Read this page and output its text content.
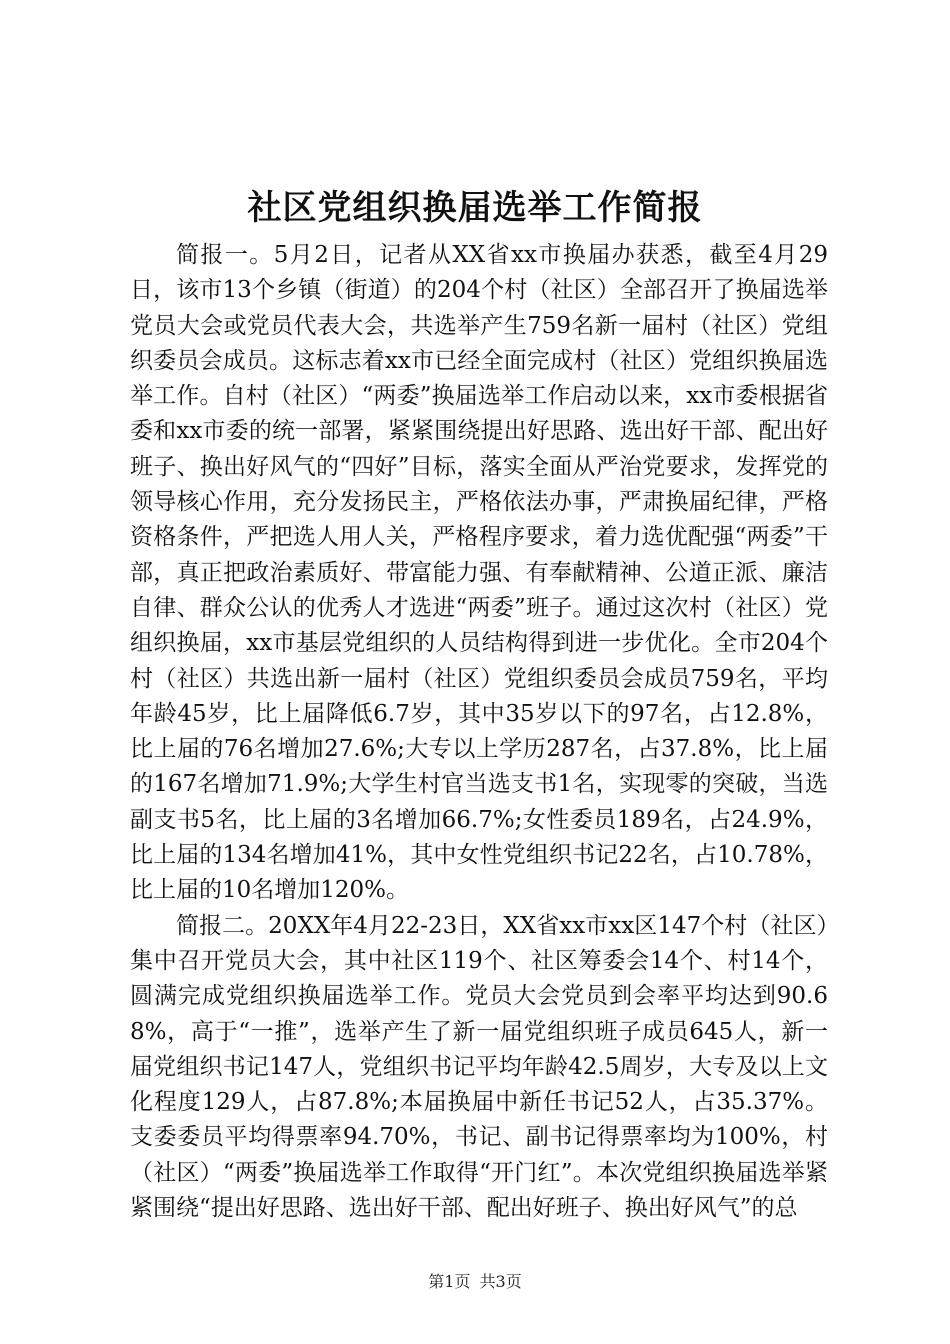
社区党组织换届选举工作简报

简报一。5月2日，记者从XX省xx市换届办获悉，截至4月29日，该市13个乡镇（街道）的204个村（社区）全部召开了换届选举党员大会或党员代表大会，共选举产生759名新一届村（社区）党组织委员会成员。这标志着xx市已经全面完成村（社区）党组织换届选举工作。自村（社区）“两委”换届选举工作启动以来，xx市委根据省委和xx市委的统一部署，紧紧围绕提出好思路、选出好干部、配出好班子、换出好风气的“四好”目标，落实全面从严治党要求，发挥党的领导核心作用，充分发扬民主，严格依法办事，严肃换届纪律，严格资格条件，严把选人用人关，严格程序要求，着力选优配强“两委”干部，真正把政治素质好、带富能力强、有奉献精神、公道正派、廉洁自律、群众公认的优秀人才选进“两委”班子。通过这次村（社区）党组织换届，xx市基层党组织的人员结构得到进一步优化。全市204个村（社区）共选出新一届村（社区）党组织委员会成员759名，平均年龄45岁，比上届降低6.7岁，其中35岁以下的97名，占12.8%，比上届的76名增加27.6%;大专以上学历287名，占37.8%，比上届的167名增加71.9%;大学生村官当选支书1名，实现零的突破，当选副支书5名，比上届的3名增加66.7%;女性委员189名，占24.9%，比上届的134名增加41%，其中女性党组织书记22名，占10.78%，比上届的10名增加120%。

简报二。20XX年4月22-23日，XX省xx市xx区147个村（社区）集中召开党员大会，其中社区119个、社区筹委会14个、村14个，圆满完成党组织换届选举工作。党员大会党员到会率平均达到90.68%，高于“一推”，选举产生了新一届党组织班子成员645人，新一届党组织书记147人，党组织书记平均年龄42.5周岁，大专及以上文化程度129人，占87.8%;本届换届中新任书记52人，占35.37%。支委委员平均得票率94.70%，书记、副书记得票率均为100%，村（社区）“两委”换届选举工作取得“开门红”。本次党组织换届选举紧紧围绕“提出好思路、选出好干部、配出好班子、换出好风气”的总

第1页 共3页
